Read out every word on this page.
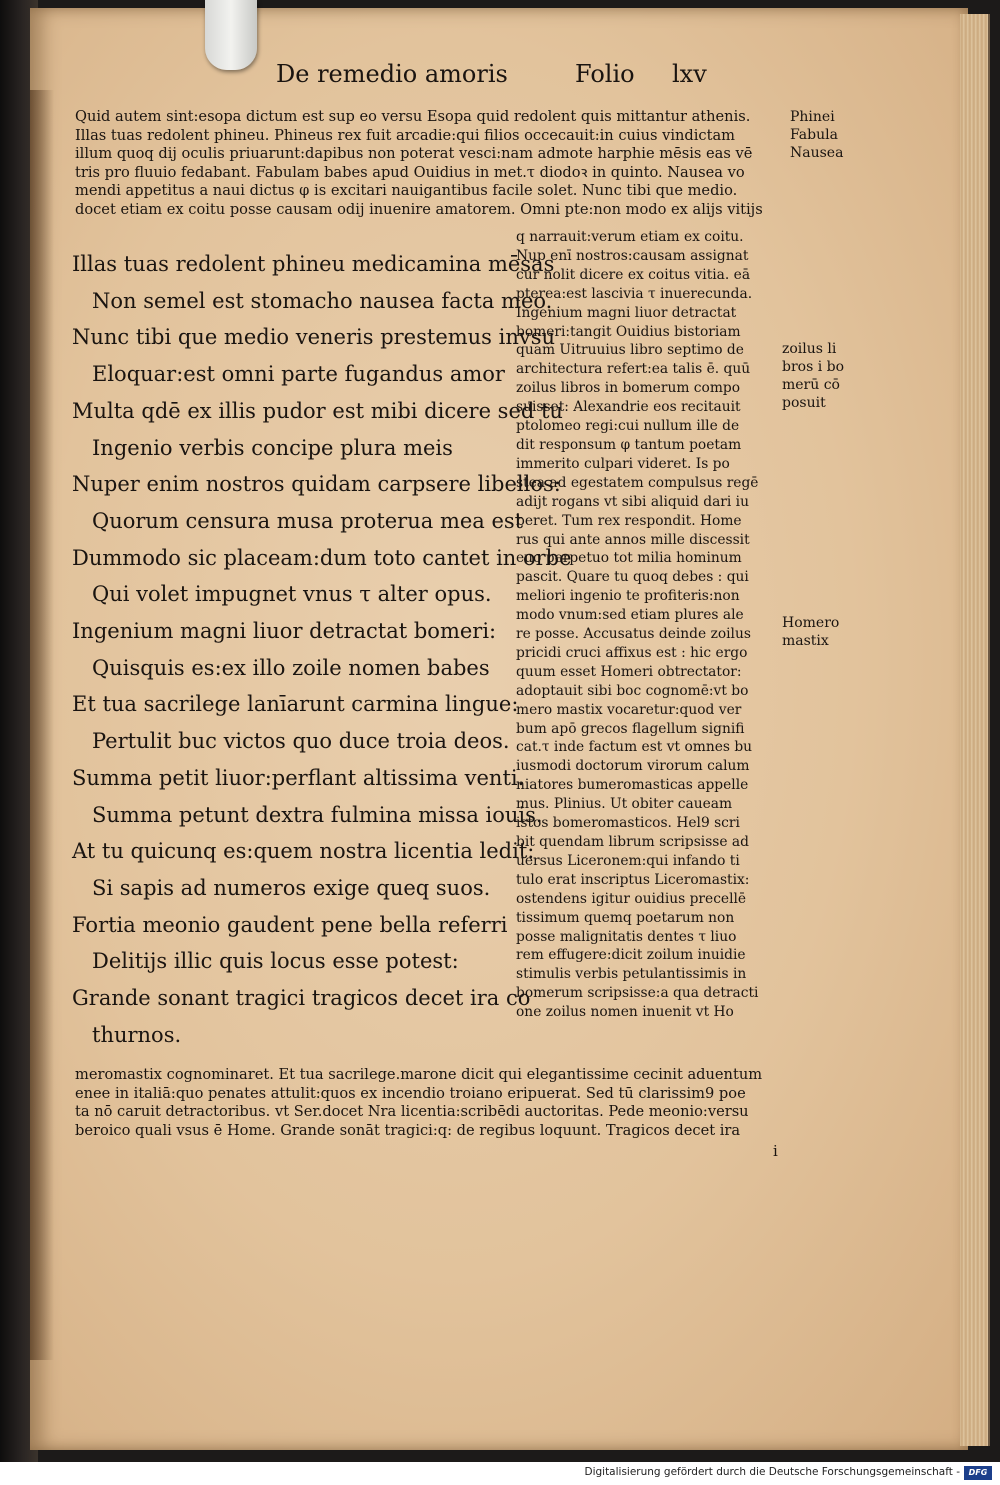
De remedio amoris	Folio lxv
Quid autem sint:esopa dictum est sup eo versu Esopa quid redolent quis mittantur athenis.
Illas tuas redolent phineu. Phineus rex fuit arcadie:qui filios occecauit:in cuius vindictam
illum quoq dij oculis priuarunt:dapibus non poterat vesci:nam admote harphie mēsis eas vē
tris pro fluuio fedabant. Fabulam babes apud Ouidius in met.τ diodoꝛ in quinto. Nausea vo
mendi appetitus a naui dictus φ is excitari nauigantibus facile solet. Nunc tibi que medio.
docet etiam ex coitu posse causam odij inuenire amatorem. Omni pte:non modo ex alijs vitijs
Illas tuas redolent phineu medicamina mēsas
Non semel est stomacho nausea facta meo.
Nunc tibi que medio veneris prestemus invsu
Eloquar:est omni parte fugandus amor
Multa qdē ex illis pudor est mibi dicere sed tu
Ingenio verbis concipe plura meis
Nuper enim nostros quidam carpsere libellos:
Quorum censura musa proterua mea est
Dummodo sic placeam:dum toto cantet in orbe
Qui volet impugnet vnus τ alter opus.
Ingenium magni liuor detractat bomeri:
Quisquis es:ex illo zoile nomen babes
Et tua sacrilege lanīarunt carmina lingue:
Pertulit buc victos quo duce troia deos.
Summa petit liuor:perflant altissima venti.
Summa petunt dextra fulmina missa iouis.
At tu quicunq es:quem nostra licentia ledit:
Si sapis ad numeros exige queq suos.
Fortia meonio gaudent pene bella referri
Delitijs illic quis locus esse potest:
Grande sonant tragici tragicos decet ira co
thurnos.
q narrauit:verum etiam ex coitu.
Nup enī nostros:causam assignat
cur nolit dicere ex coitus vitia. eā
pterea:est lascivia τ inuerecunda.
Ingenium magni liuor detractat
bomeri:tangit Ouidius bistoriam
quam Uitruuius libro septimo de
architectura refert:ea talis ē. quū
zoilus libros in bomerum compo
suisset: Alexandrie eos recitauit
ptolomeo regi:cui nullum ille de
dit responsum φ tantum poetam
immerito culpari videret. Is po
stea ad egestatem compulsus regē
adijt rogans vt sibi aliquid dari iu
beret. Tum rex respondit. Home
rus qui ante annos mille discessit
euo perpetuo tot milia hominum
pascit. Quare tu quoq debes : qui
meliori ingenio te profiteris:non
modo vnum:sed etiam plures ale
re posse. Accusatus deinde zoilus
pricidi cruci affixus est : hic ergo
quum esset Homeri obtrectator:
adoptauit sibi boc cognomē:vt bo
mero mastix vocaretur:quod ver
bum apō grecos flagellum signifi
cat.τ inde factum est vt omnes bu
iusmodi doctorum virorum calum
niatores bumeromasticas appelle
mus. Plinius. Ut obiter caueam
istos bomeromasticos. Hel9 scri
bit quendam librum scripsisse ad
uersus Liceronem:qui infando ti
tulo erat inscriptus Liceromastix:
ostendens igitur ouidius precellē
tissimum quemq poetarum non
posse malignitatis dentes τ liuo
rem effugere:dicit zoilum inuidie
stimulis verbis petulantissimis in
bomerum scripsisse:a qua detracti
one zoilus nomen inuenit vt Ho
meromastix cognominaret. Et tua sacrilege.marone dicit qui elegantissime cecinit aduentum
enee in italiā:quo penates attulit:quos ex incendio troiano eripuerat. Sed tū clarissim9 poe
ta nō caruit detractoribus. vt Ser.docet Nra licentia:scribēdi auctoritas. Pede meonio:versu
beroico quali vsus ē Home. Grande sonāt tragici:q: de regibus loquunt. Tragicos decet ira
i
Phinei
Fabula
Nausea
zoilus li
bros i bo
merū cō
posuit
Homero
mastix
Digitalisierung gefördert durch die Deutsche Forschungsgemeinschaft -	DFG
